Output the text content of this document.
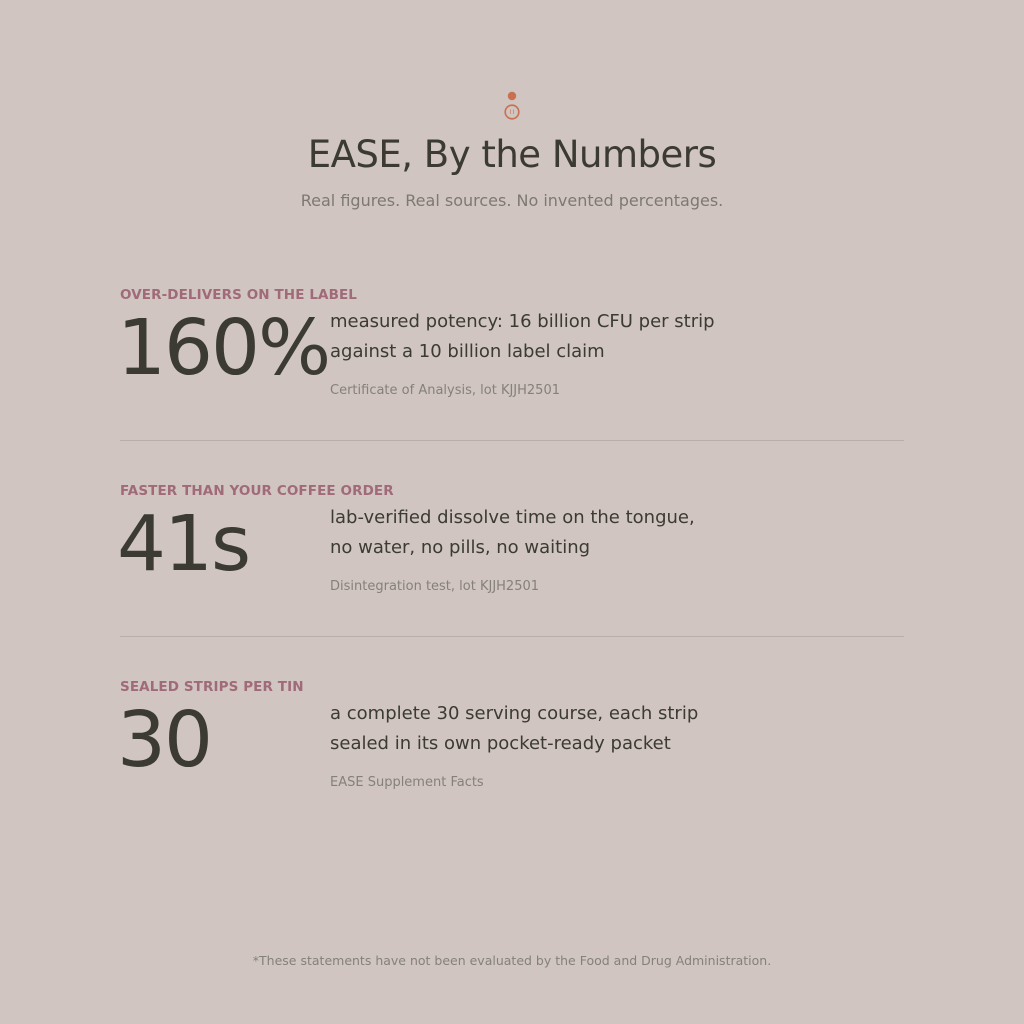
EASE, By the Numbers
Real figures. Real sources. No invented percentages.
OVER-DELIVERS ON THE LABEL
160% measured potency: 16 billion CFU per strip
against a 10 billion label claim
Certificate of Analysis, lot KJJH2501
FASTER THAN YOUR COFFEE ORDER
41s	lab-verified dissolve time on the tongue,
no water, no pills, no waiting
Disintegration test, lot KJJH2501
SEALED STRIPS PER TIN
30	a complete 30 serving course, each strip
sealed in its own pocket-ready packet
EASE Supplement Facts
*These statements have not been evaluated by the Food and Drug Administration.
